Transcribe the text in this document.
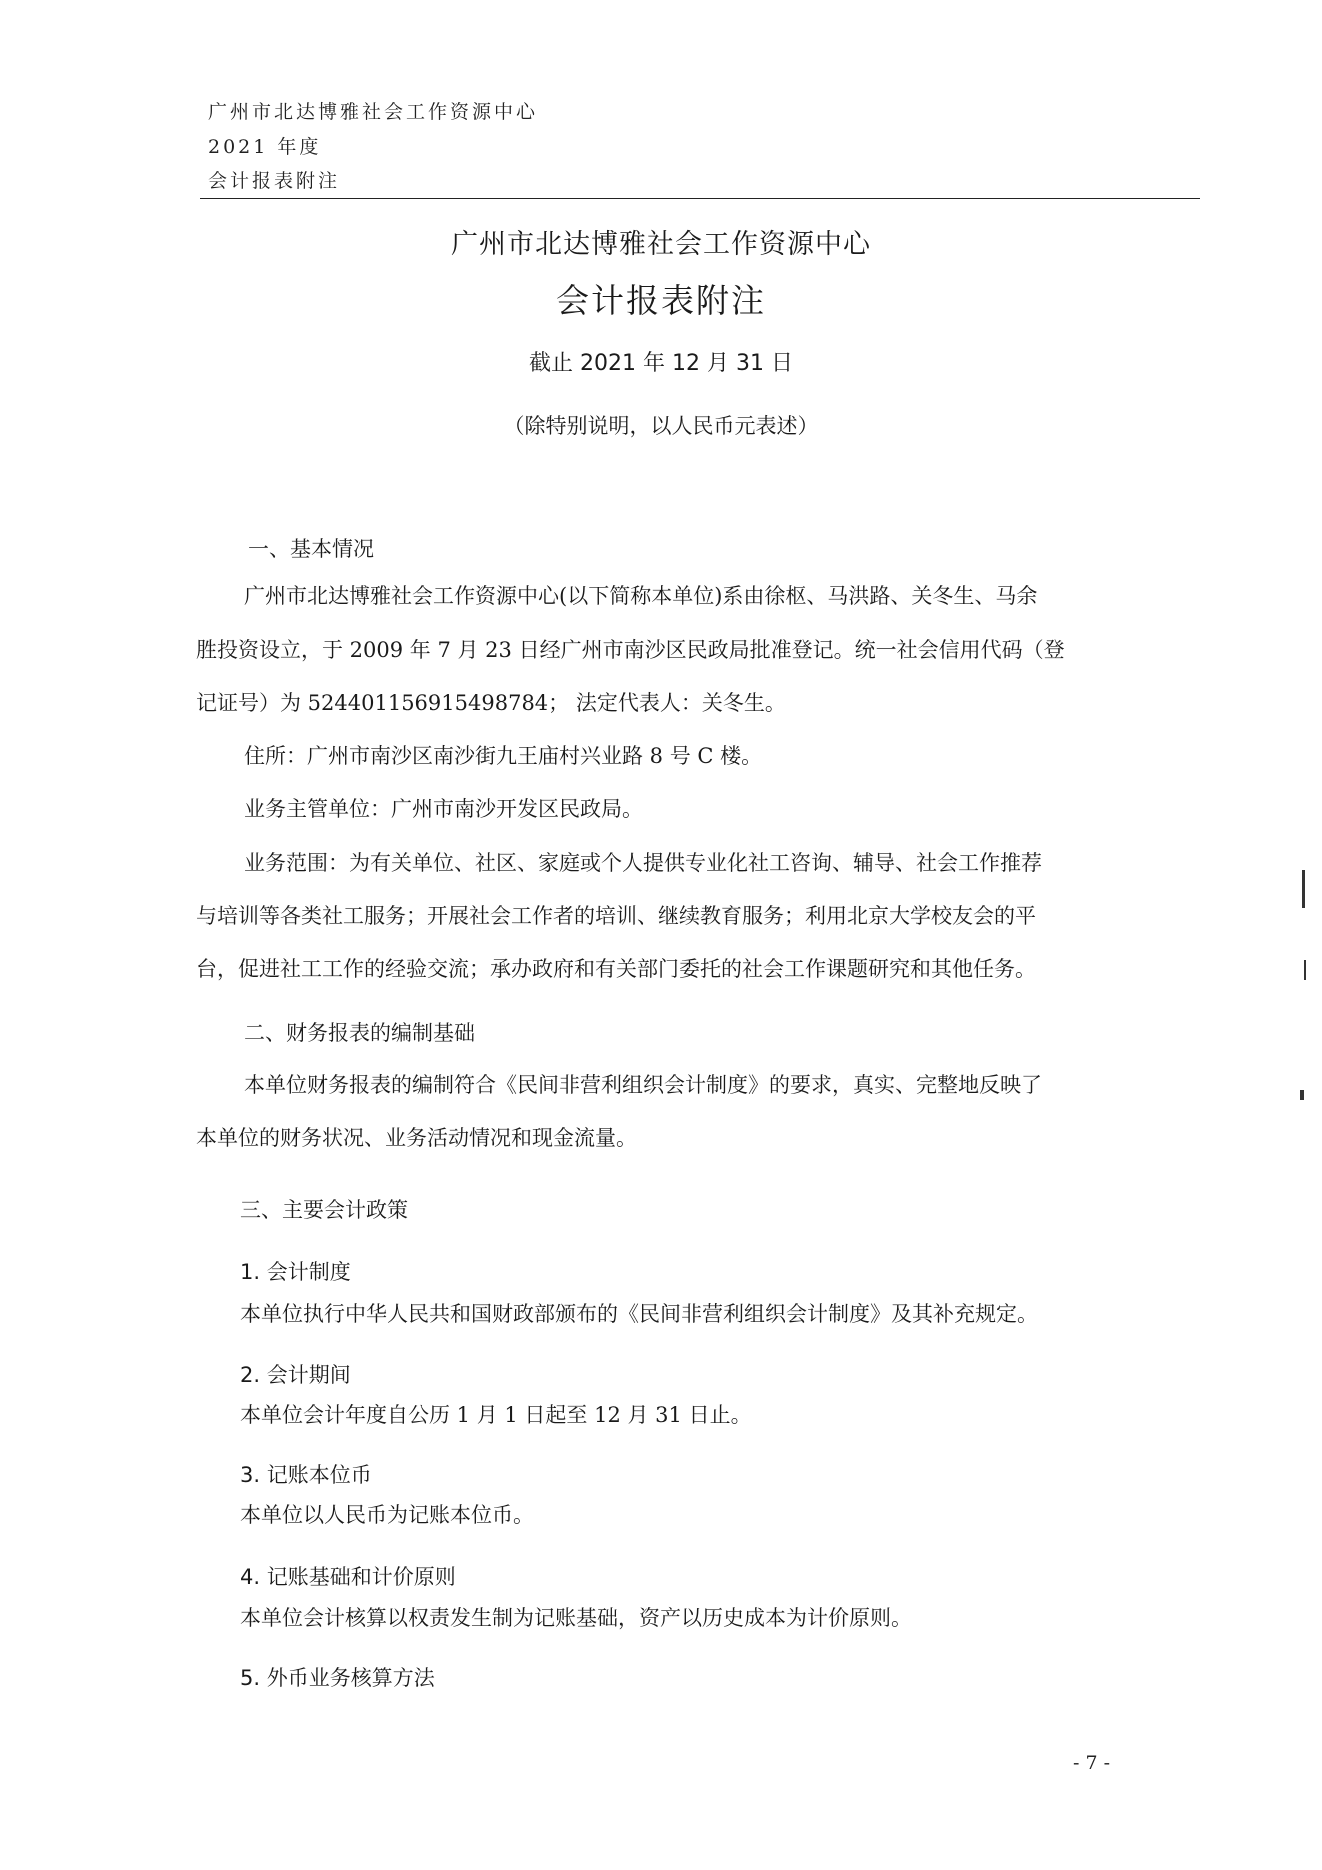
广州市北达博雅社会工作资源中心
2021 年度
会计报表附注
广州市北达博雅社会工作资源中心
会计报表附注
截止 2021 年 12 月 31 日
（除特别说明，以人民币元表述）
一、基本情况
广州市北达博雅社会工作资源中心(以下简称本单位)系由徐枢、马洪路、关冬生、马余
胜投资设立，于 2009 年 7 月 23 日经广州市南沙区民政局批准登记。统一社会信用代码（登
记证号）为 524401156915498784； 法定代表人：关冬生。
住所：广州市南沙区南沙街九王庙村兴业路 8 号 C 楼。
业务主管单位：广州市南沙开发区民政局。
业务范围：为有关单位、社区、家庭或个人提供专业化社工咨询、辅导、社会工作推荐
与培训等各类社工服务；开展社会工作者的培训、继续教育服务；利用北京大学校友会的平
台，促进社工工作的经验交流；承办政府和有关部门委托的社会工作课题研究和其他任务。
二、财务报表的编制基础
本单位财务报表的编制符合《民间非营利组织会计制度》的要求，真实、完整地反映了
本单位的财务状况、业务活动情况和现金流量。
三、主要会计政策
1. 会计制度
本单位执行中华人民共和国财政部颁布的《民间非营利组织会计制度》及其补充规定。
2. 会计期间
本单位会计年度自公历 1 月 1 日起至 12 月 31 日止。
3. 记账本位币
本单位以人民币为记账本位币。
4. 记账基础和计价原则
本单位会计核算以权责发生制为记账基础，资产以历史成本为计价原则。
5. 外币业务核算方法
- 7 -
